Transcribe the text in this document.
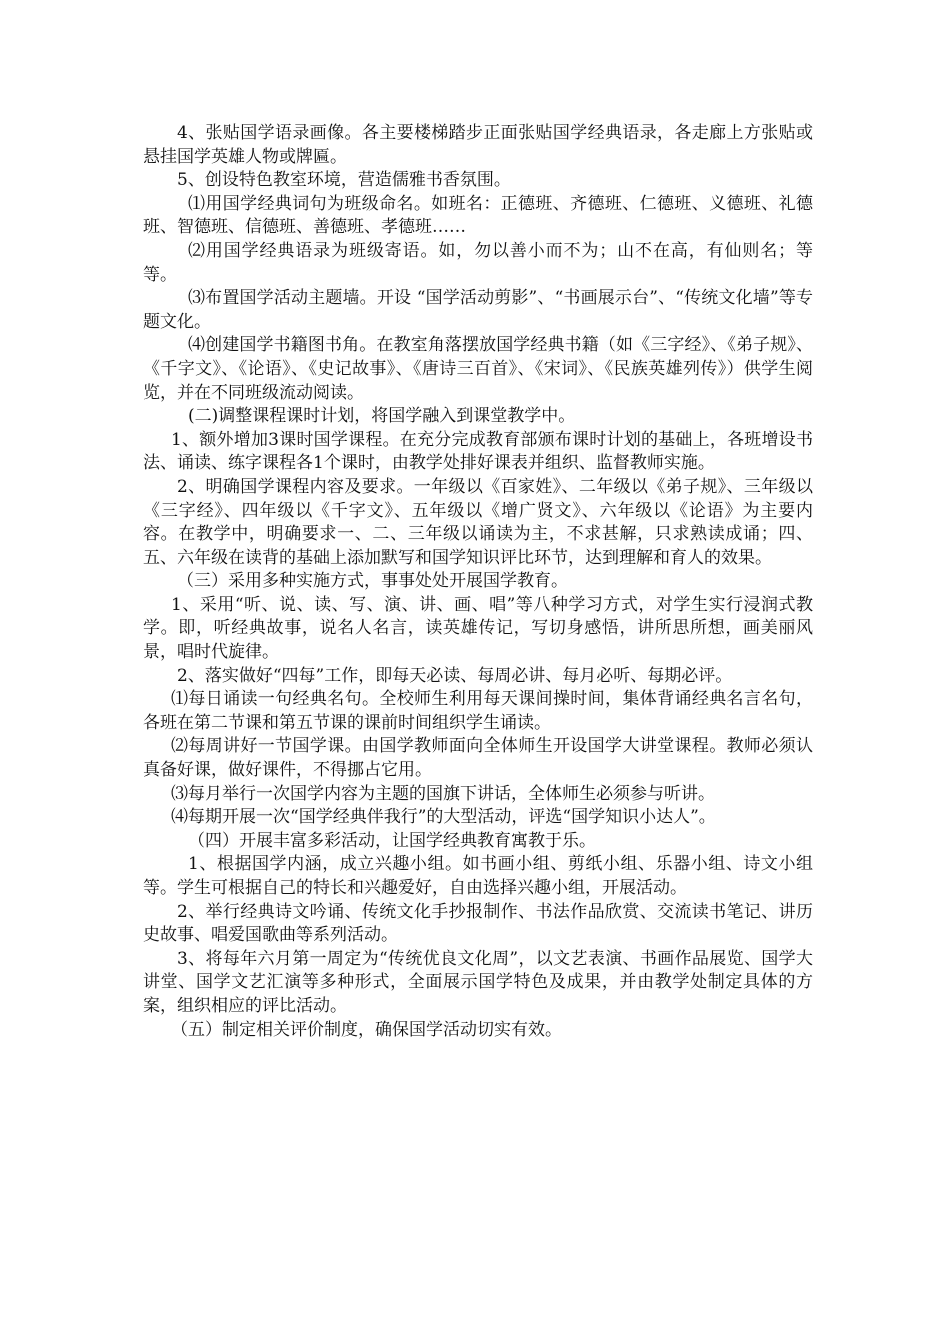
4、张贴国学语录画像。各主要楼梯踏步正面张贴国学经典语录，各走廊上方张贴或悬挂国学英雄人物或牌匾。

5、创设特色教室环境，营造儒雅书香氛围。

⑴用国学经典词句为班级命名。如班名：正德班、齐德班、仁德班、义德班、礼德班、智德班、信德班、善德班、孝德班……

⑵用国学经典语录为班级寄语。如，勿以善小而不为；山不在高，有仙则名；等等。

⑶布置国学活动主题墙。开设 “国学活动剪影”、“书画展示台”、“传统文化墙”等专题文化。

⑷创建国学书籍图书角。在教室角落摆放国学经典书籍（如《三字经》、《弟子规》、《千字文》、《论语》、《史记故事》、《唐诗三百首》、《宋词》、《民族英雄列传》）供学生阅览，并在不同班级流动阅读。

(二)调整课程课时计划，将国学融入到课堂教学中。

1、额外增加3课时国学课程。在充分完成教育部颁布课时计划的基础上，各班增设书法、诵读、练字课程各1个课时，由教学处排好课表并组织、监督教师实施。

2、明确国学课程内容及要求。一年级以《百家姓》、二年级以《弟子规》、三年级以《三字经》、四年级以《千字文》、五年级以《增广贤文》、六年级以《论语》为主要内容。在教学中，明确要求一、二、三年级以诵读为主，不求甚解，只求熟读成诵；四、五、六年级在读背的基础上添加默写和国学知识评比环节，达到理解和育人的效果。

（三）采用多种实施方式，事事处处开展国学教育。

1、采用“听、说、读、写、演、讲、画、唱”等八种学习方式，对学生实行浸润式教学。即，听经典故事，说名人名言，读英雄传记，写切身感悟，讲所思所想，画美丽风景，唱时代旋律。

2、落实做好“四每”工作，即每天必读、每周必讲、每月必听、每期必评。

⑴每日诵读一句经典名句。全校师生利用每天课间操时间，集体背诵经典名言名句，各班在第二节课和第五节课的课前时间组织学生诵读。

⑵每周讲好一节国学课。由国学教师面向全体师生开设国学大讲堂课程。教师必须认真备好课，做好课件，不得挪占它用。

⑶每月举行一次国学内容为主题的国旗下讲话，全体师生必须参与听讲。

⑷每期开展一次“国学经典伴我行”的大型活动，评选“国学知识小达人”。

（四）开展丰富多彩活动，让国学经典教育寓教于乐。

1、根据国学内涵，成立兴趣小组。如书画小组、剪纸小组、乐器小组、诗文小组等。学生可根据自己的特长和兴趣爱好，自由选择兴趣小组，开展活动。

2、举行经典诗文吟诵、传统文化手抄报制作、书法作品欣赏、交流读书笔记、讲历史故事、唱爱国歌曲等系列活动。

3、将每年六月第一周定为“传统优良文化周”，以文艺表演、书画作品展览、国学大讲堂、国学文艺汇演等多种形式，全面展示国学特色及成果，并由教学处制定具体的方案，组织相应的评比活动。

（五）制定相关评价制度，确保国学活动切实有效。
